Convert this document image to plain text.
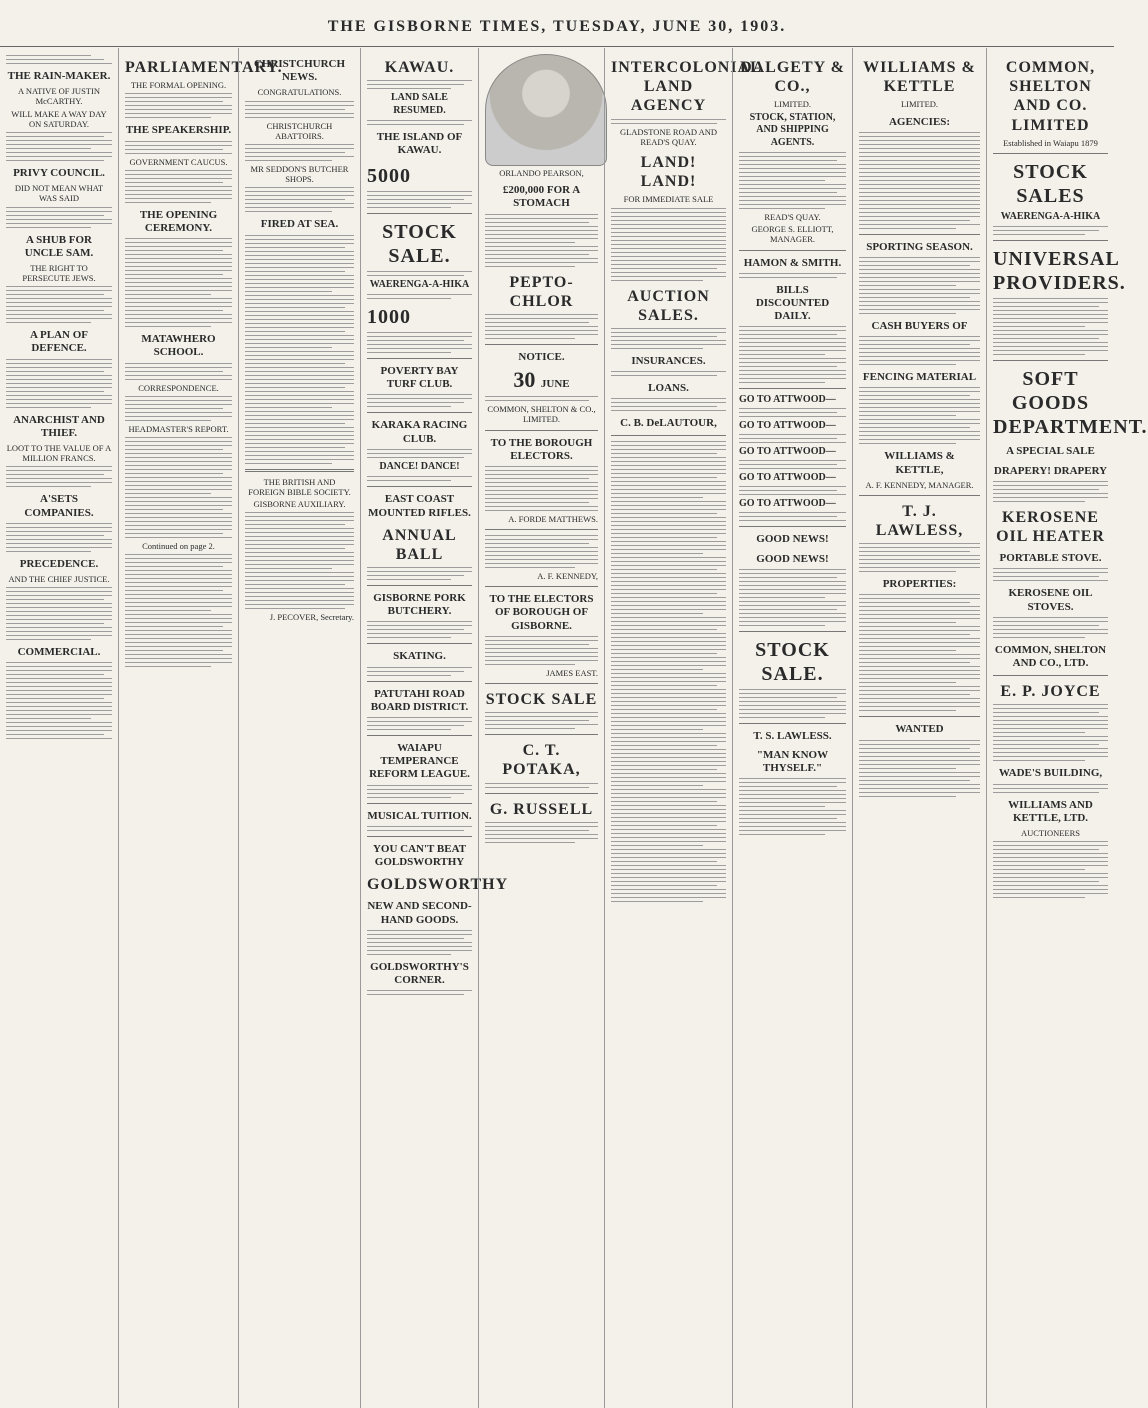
THE GISBORNE TIMES, TUESDAY, JUNE 30, 1903.
THE RAIN-MAKER.
A NATIVE OF JUSTIN McCARTHY.
WILL MAKE A WAY DAY ON SATURDAY.
PRIVY COUNCIL.
DID NOT MEAN WHAT WAS SAID
A SHUB FOR UNCLE SAM.
THE RIGHT TO PERSECUTE JEWS.
A PLAN OF DEFENCE.
ANARCHIST AND THIEF.
LOOT TO THE VALUE OF A MILLION FRANCS.
A'SETS COMPANIES.
PRECEDENCE.
AND THE CHIEF JUSTICE.
COMMERCIAL.
PARLIAMENTARY.
THE FORMAL OPENING.
THE SPEAKERSHIP.
GOVERNMENT CAUCUS.
THE OPENING CEREMONY.
MATAWHERO SCHOOL.
CORRESPONDENCE.
HEADMASTER'S REPORT.
Continued on page 2.
CHRISTCHURCH NEWS.
CONGRATULATIONS.
CHRISTCHURCH ABATTOIRS.
MR SEDDON'S BUTCHER SHOPS.
FIRED AT SEA.
THE BRITISH AND FOREIGN BIBLE SOCIETY.
GISBORNE AUXILIARY.
J. PECOVER, Secretary.
KAWAU.
LAND SALE RESUMED.
THE ISLAND OF KAWAU.
5000
STOCK SALE.
WAERENGA-A-HIKA
1000
POVERTY BAY TURF CLUB.
KARAKA RACING CLUB.
DANCE! DANCE!
EAST COAST MOUNTED RIFLES.
ANNUAL BALL
GISBORNE PORK BUTCHERY.
SKATING.
PATUTAHI ROAD BOARD DISTRICT.
WAIAPU TEMPERANCE REFORM LEAGUE.
MUSICAL TUITION.
YOU CAN'T BEAT GOLDSWORTHY
GOLDSWORTHY
NEW AND SECOND-HAND GOODS.
GOLDSWORTHY'S CORNER.
ORLANDO PEARSON,
£200,000 FOR A STOMACH
PEPTO-CHLOR
NOTICE.
30 JUNE
COMMON, SHELTON & CO., LIMITED.
TO THE BOROUGH ELECTORS.
A. FORDE MATTHEWS.
A. F. KENNEDY,
TO THE ELECTORS OF BOROUGH OF GISBORNE.
JAMES EAST.
STOCK SALE
C. T. POTAKA,
G. RUSSELL
INTERCOLONIAL LAND AGENCY
GLADSTONE ROAD AND READ'S QUAY.
LAND! LAND!
FOR IMMEDIATE SALE
AUCTION SALES.
INSURANCES.
LOANS.
C. B. DeLAUTOUR,
DALGETY & CO.,
LIMITED.
STOCK, STATION, AND SHIPPING AGENTS.
READ'S QUAY.
GEORGE S. ELLIOTT, MANAGER.
HAMON & SMITH.
BILLS DISCOUNTED DAILY.
GO TO ATTWOOD—
GO TO ATTWOOD—
GO TO ATTWOOD—
GO TO ATTWOOD—
GO TO ATTWOOD—
GOOD NEWS!
GOOD NEWS!
STOCK SALE.
T. S. LAWLESS.
"MAN KNOW THYSELF."
WILLIAMS & KETTLE
LIMITED.
AGENCIES:
SPORTING SEASON.
CASH BUYERS OF
FENCING MATERIAL
WILLIAMS & KETTLE,
A. F. KENNEDY, MANAGER.
T. J. LAWLESS,
PROPERTIES:
WANTED
COMMON, SHELTON AND CO. LIMITED
Established in Waiapu 1879
STOCK SALES
WAERENGA-A-HIKA
UNIVERSAL PROVIDERS.
SOFT GOODS DEPARTMENT.
A SPECIAL SALE
DRAPERY! DRAPERY
KEROSENE OIL HEATER
PORTABLE STOVE.
KEROSENE OIL STOVES.
COMMON, SHELTON AND CO., LTD.
E. P. JOYCE
WADE'S BUILDING,
WILLIAMS AND KETTLE, LTD.
AUCTIONEERS
